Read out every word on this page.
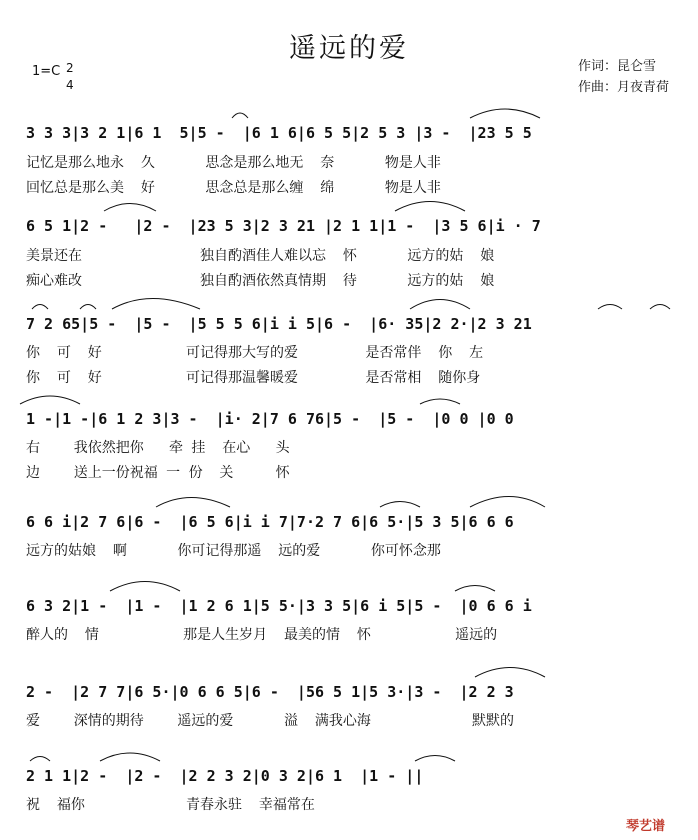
遥远的爱
作词：昆仑雪
作曲：月夜青荷
1=C 2
4
3 3 3|3 2 1|6 1  5|5 -  |6 1 6|6 5 5|2 5 3 |3 -  |23 5 5
记忆是那么地永  久      思念是那么地无  奈      物是人非
回忆总是那么美  好      思念总是那么缠  绵      物是人非
6 5 1|2 -   |2 -  |23 5 3|2 3 21 |2 1 1|1 -  |3 5 6|i · 7
美景还在              独自酌酒佳人难以忘  怀      远方的姑  娘
痴心难改              独自酌酒依然真情期  待      远方的姑  娘
7 2 65|5 -  |5 -  |5 5 5 6|i i 5|6 -  |6· 35|2 2·|2 3 21
你  可  好          可记得那大写的爱        是否常伴  你  左
你  可  好          可记得那温馨暖爱        是否常相  随你身
1 -|1 -|6 1 2 3|3 -  |i· 2|7 6 76|5 -  |5 -  |0 0 |0 0
右    我依然把你   牵 挂  在心   头
边    送上一份祝福 一 份  关     怀
6 6 i|2 7 6|6 -  |6 5 6|i i 7|7·2 7 6|6 5·|5 3 5|6 6 6
远方的姑娘  啊      你可记得那遥  远的爱      你可怀念那
6 3 2|1 -  |1 -  |1 2 6 1|5 5·|3 3 5|6 i 5|5 -  |0 6 6 i
醉人的  情          那是人生岁月  最美的情  怀          遥远的
2 -  |2 7 7|6 5·|0 6 6 5|6 -  |56 5 1|5 3·|3 -  |2 2 3
爱    深情的期待    遥远的爱      溢  满我心海            默默的
2 1 1|2 -  |2 -  |2 2 3 2|0 3 2|6 1  |1 - ||
祝  福你            青春永驻  幸福常在
琴艺谱
